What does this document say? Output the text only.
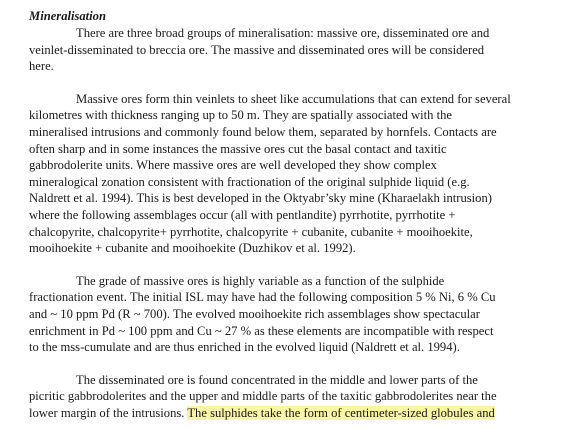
Mineralisation
There are three broad groups of mineralisation: massive ore, disseminated ore and
veinlet-disseminated to breccia ore. The massive and disseminated ores will be considered
here.
Massive ores form thin veinlets to sheet like accumulations that can extend for several
kilometres with thickness ranging up to 50 m. They are spatially associated with the
mineralised intrusions and commonly found below them, separated by hornfels. Contacts are
often sharp and in some instances the massive ores cut the basal contact and taxitic
gabbrodolerite units. Where massive ores are well developed they show complex
mineralogical zonation consistent with fractionation of the original sulphide liquid (e.g.
Naldrett et al. 1994). This is best developed in the Oktyabr’sky mine (Kharaelakh intrusion)
where the following assemblages occur (all with pentlandite) pyrrhotite, pyrrhotite +
chalcopyrite, chalcopyrite+ pyrrhotite, chalcopyrite + cubanite, cubanite + mooihoekite,
mooihoekite + cubanite and mooihoekite (Duzhikov et al. 1992).
The grade of massive ores is highly variable as a function of the sulphide
fractionation event. The initial ISL may have had the following composition 5 % Ni, 6 % Cu
and ~ 10 ppm Pd (R ~ 700). The evolved mooihoekite rich assemblages show spectacular
enrichment in Pd ~ 100 ppm and Cu ~ 27 % as these elements are incompatible with respect
to the mss-cumulate and are thus enriched in the evolved liquid (Naldrett et al. 1994).
The disseminated ore is found concentrated in the middle and lower parts of the
picritic gabbrodolerites and the upper and middle parts of the taxitic gabbrodolerites near the
lower margin of the intrusions. The sulphides take the form of centimeter-sized globules and
